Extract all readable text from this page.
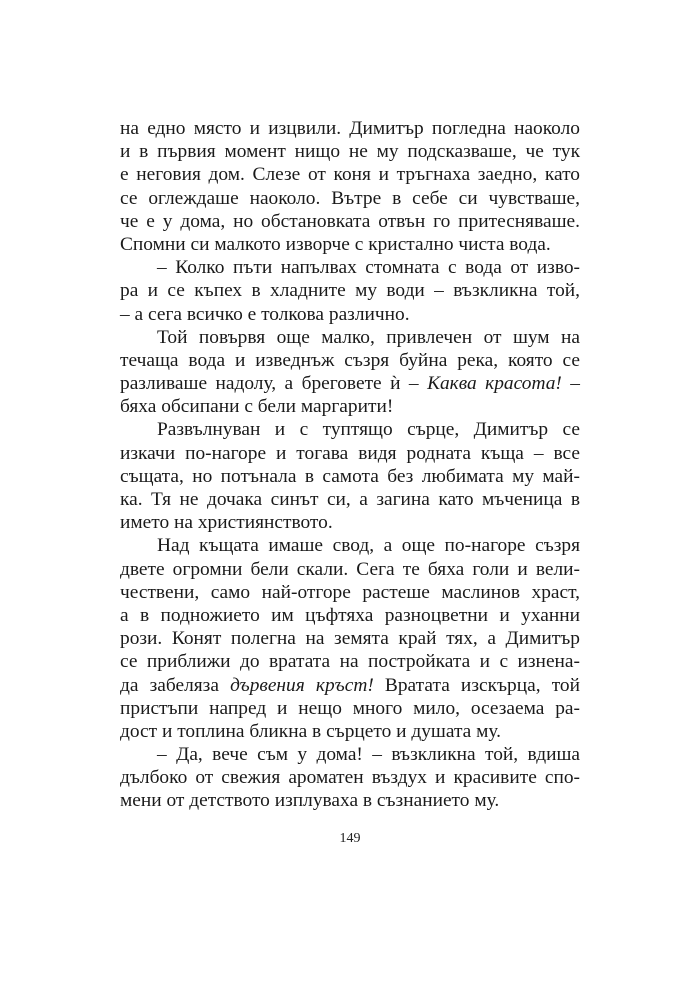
на едно място и изцвили. Димитър погледна наоколо
и в първия момент нищо не му подсказваше, че тук
е неговия дом. Слезе от коня и тръгнаха заедно, като
се оглеждаше наоколо. Вътре в себе си чувстваше,
че е у дома, но обстановката отвън го притесняваше.
Спомни си малкото изворче с кристално чиста вода.
– Колко пъти напълвах стомната с вода от изво-
ра и се къпех в хладните му води – възкликна той,
– а сега всичко е толкова различно.
Той повървя още малко, привлечен от шум на
течаща вода и изведнъж съзря буйна река, която се
разливаше надолу, а бреговете ѝ – Каква красота! –
бяха обсипани с бели маргарити!
Развълнуван и с туптящо сърце, Димитър се
изкачи по-нагоре и тогава видя родната къща – все
същата, но потънала в самота без любимата му май-
ка. Тя не дочака синът си, а загина като мъченица в
името на християнството.
Над къщата имаше свод, а още по-нагоре съзря
двете огромни бели скали. Сега те бяха голи и вели-
чествени, само най-отгоре растеше маслинов храст,
а в подножието им цъфтяха разноцветни и уханни
рози. Конят полегна на земята край тях, а Димитър
се приближи до вратата на постройката и с изнена-
да забеляза дървения кръст! Вратата изскърца, той
пристъпи напред и нещо много мило, осезаема ра-
дост и топлина бликна в сърцето и душата му.
– Да, вече съм у дома! – възкликна той, вдиша
дълбоко от свежия ароматен въздух и красивите спо-
мени от детството изплуваха в съзнанието му.
149
